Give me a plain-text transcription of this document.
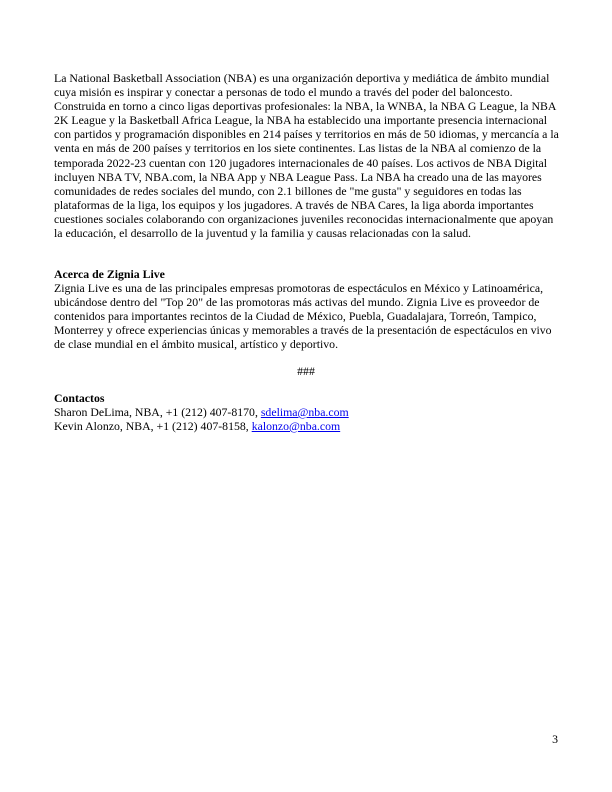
La National Basketball Association (NBA) es una organización deportiva y mediática de ámbito mundial cuya misión es inspirar y conectar a personas de todo el mundo a través del poder del baloncesto. Construida en torno a cinco ligas deportivas profesionales: la NBA, la WNBA, la NBA G League, la NBA 2K League y la Basketball Africa League, la NBA ha establecido una importante presencia internacional con partidos y programación disponibles en 214 países y territorios en más de 50 idiomas, y mercancía a la venta en más de 200 países y territorios en los siete continentes. Las listas de la NBA al comienzo de la temporada 2022-23 cuentan con 120 jugadores internacionales de 40 países. Los activos de NBA Digital incluyen NBA TV, NBA.com, la NBA App y NBA League Pass. La NBA ha creado una de las mayores comunidades de redes sociales del mundo, con 2.1 billones de "me gusta" y seguidores en todas las plataformas de la liga, los equipos y los jugadores. A través de NBA Cares, la liga aborda importantes cuestiones sociales colaborando con organizaciones juveniles reconocidas internacionalmente que apoyan la educación, el desarrollo de la juventud y la familia y causas relacionadas con la salud.

Acerca de Zignia Live

Zignia Live es una de las principales empresas promotoras de espectáculos en México y Latinoamérica, ubicándose dentro del "Top 20" de las promotoras más activas del mundo. Zignia Live es proveedor de contenidos para importantes recintos de la Ciudad de México, Puebla, Guadalajara, Torreón, Tampico, Monterrey y ofrece experiencias únicas y memorables a través de la presentación de espectáculos en vivo de clase mundial en el ámbito musical, artístico y deportivo.

###
Contactos
Sharon DeLima, NBA, +1 (212) 407-8170, sdelima@nba.com
Kevin Alonzo, NBA, +1 (212) 407-8158, kalonzo@nba.com
3
